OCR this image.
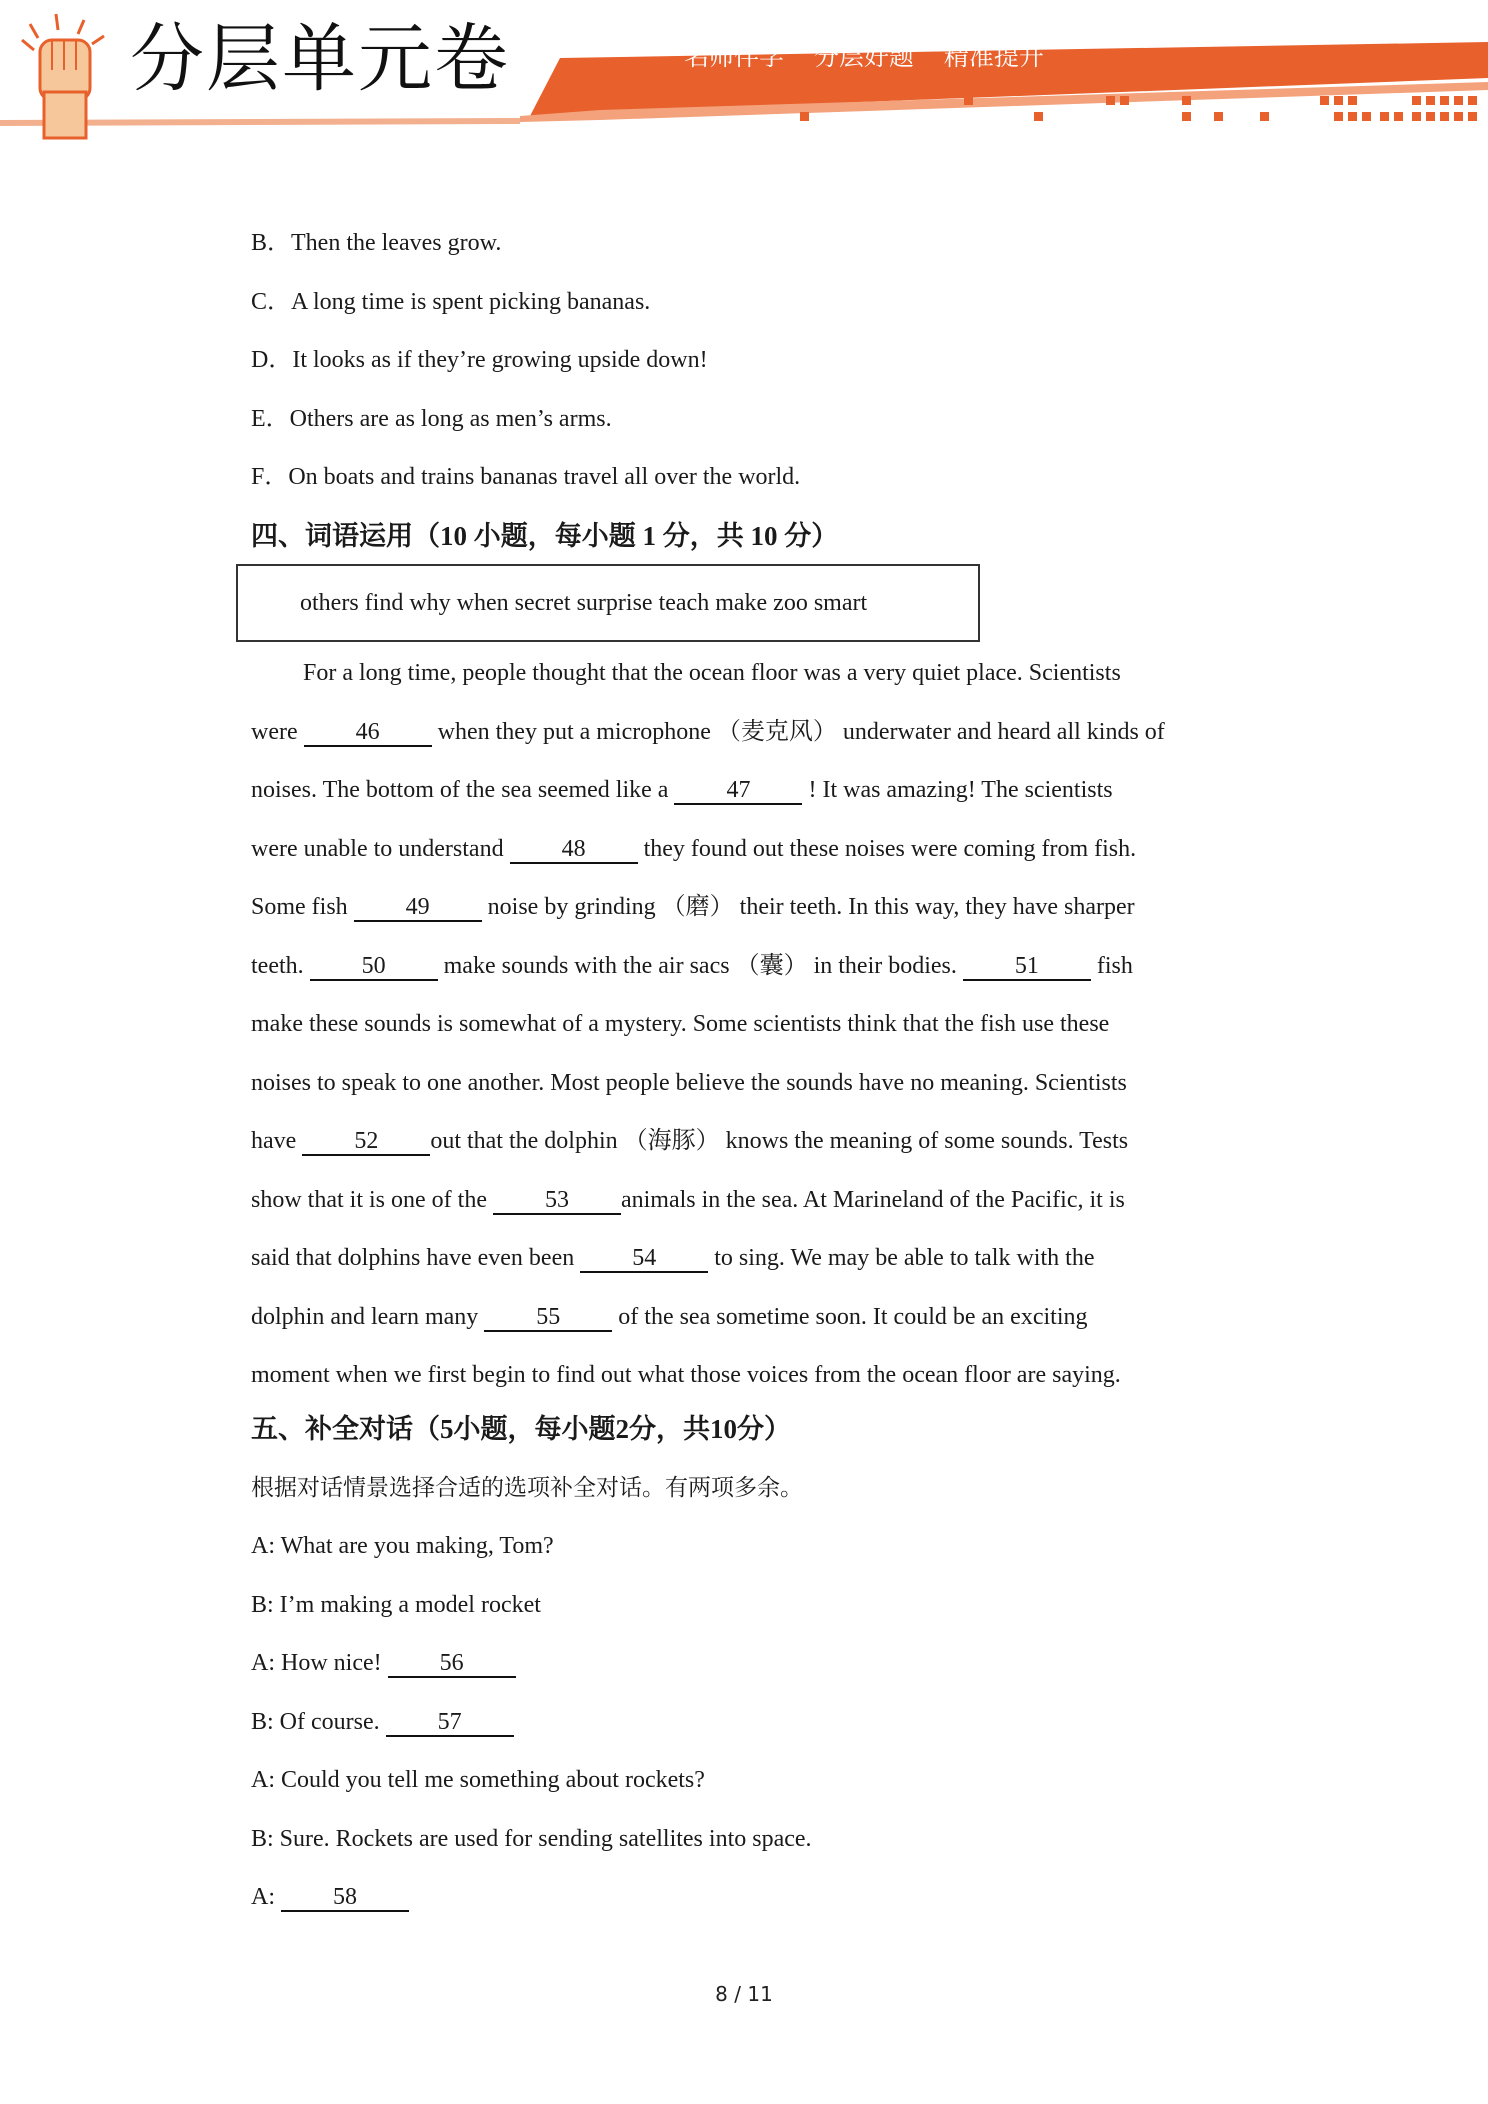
分层单元卷	名师伴学 分层好题 精准提升
B．Then the leaves grow.
C．A long time is spent picking bananas.
D．It looks as if they’re growing upside down!
E．Others are as long as men’s arms.
F．On boats and trains bananas travel all over the world.
四、词语运用（10 小题，每小题 1 分，共 10 分）
others find why when secret surprise teach make zoo smart
For a long time, people thought that the ocean floor was a very quiet place. Scientists
were 46 when they put a microphone （麦克风） underwater and heard all kinds of
noises. The bottom of the sea seemed like a 47 ! It was amazing! The scientists
were unable to understand 48 they found out these noises were coming from fish.
Some fish 49 noise by grinding （磨） their teeth. In this way, they have sharper
teeth. 50 make sounds with the air sacs （囊） in their bodies. 51 fish
make these sounds is somewhat of a mystery. Some scientists think that the fish use these
noises to speak to one another. Most people believe the sounds have no meaning. Scientists
have 52 out that the dolphin （海豚） knows the meaning of some sounds. Tests
show that it is one of the 53 animals in the sea. At Marineland of the Pacific, it is
said that dolphins have even been 54 to sing. We may be able to talk with the
dolphin and learn many 55 of the sea sometime soon. It could be an exciting
moment when we first begin to find out what those voices from the ocean floor are saying.
五、补全对话（5小题，每小题2分，共10分）
根据对话情景选择合适的选项补全对话。有两项多余。
A: What are you making, Tom?
B: I’m making a model rocket
A: How nice! 56
B: Of course. 57
A: Could you tell me something about rockets?
B: Sure. Rockets are used for sending satellites into space.
A: 58
8 / 11
